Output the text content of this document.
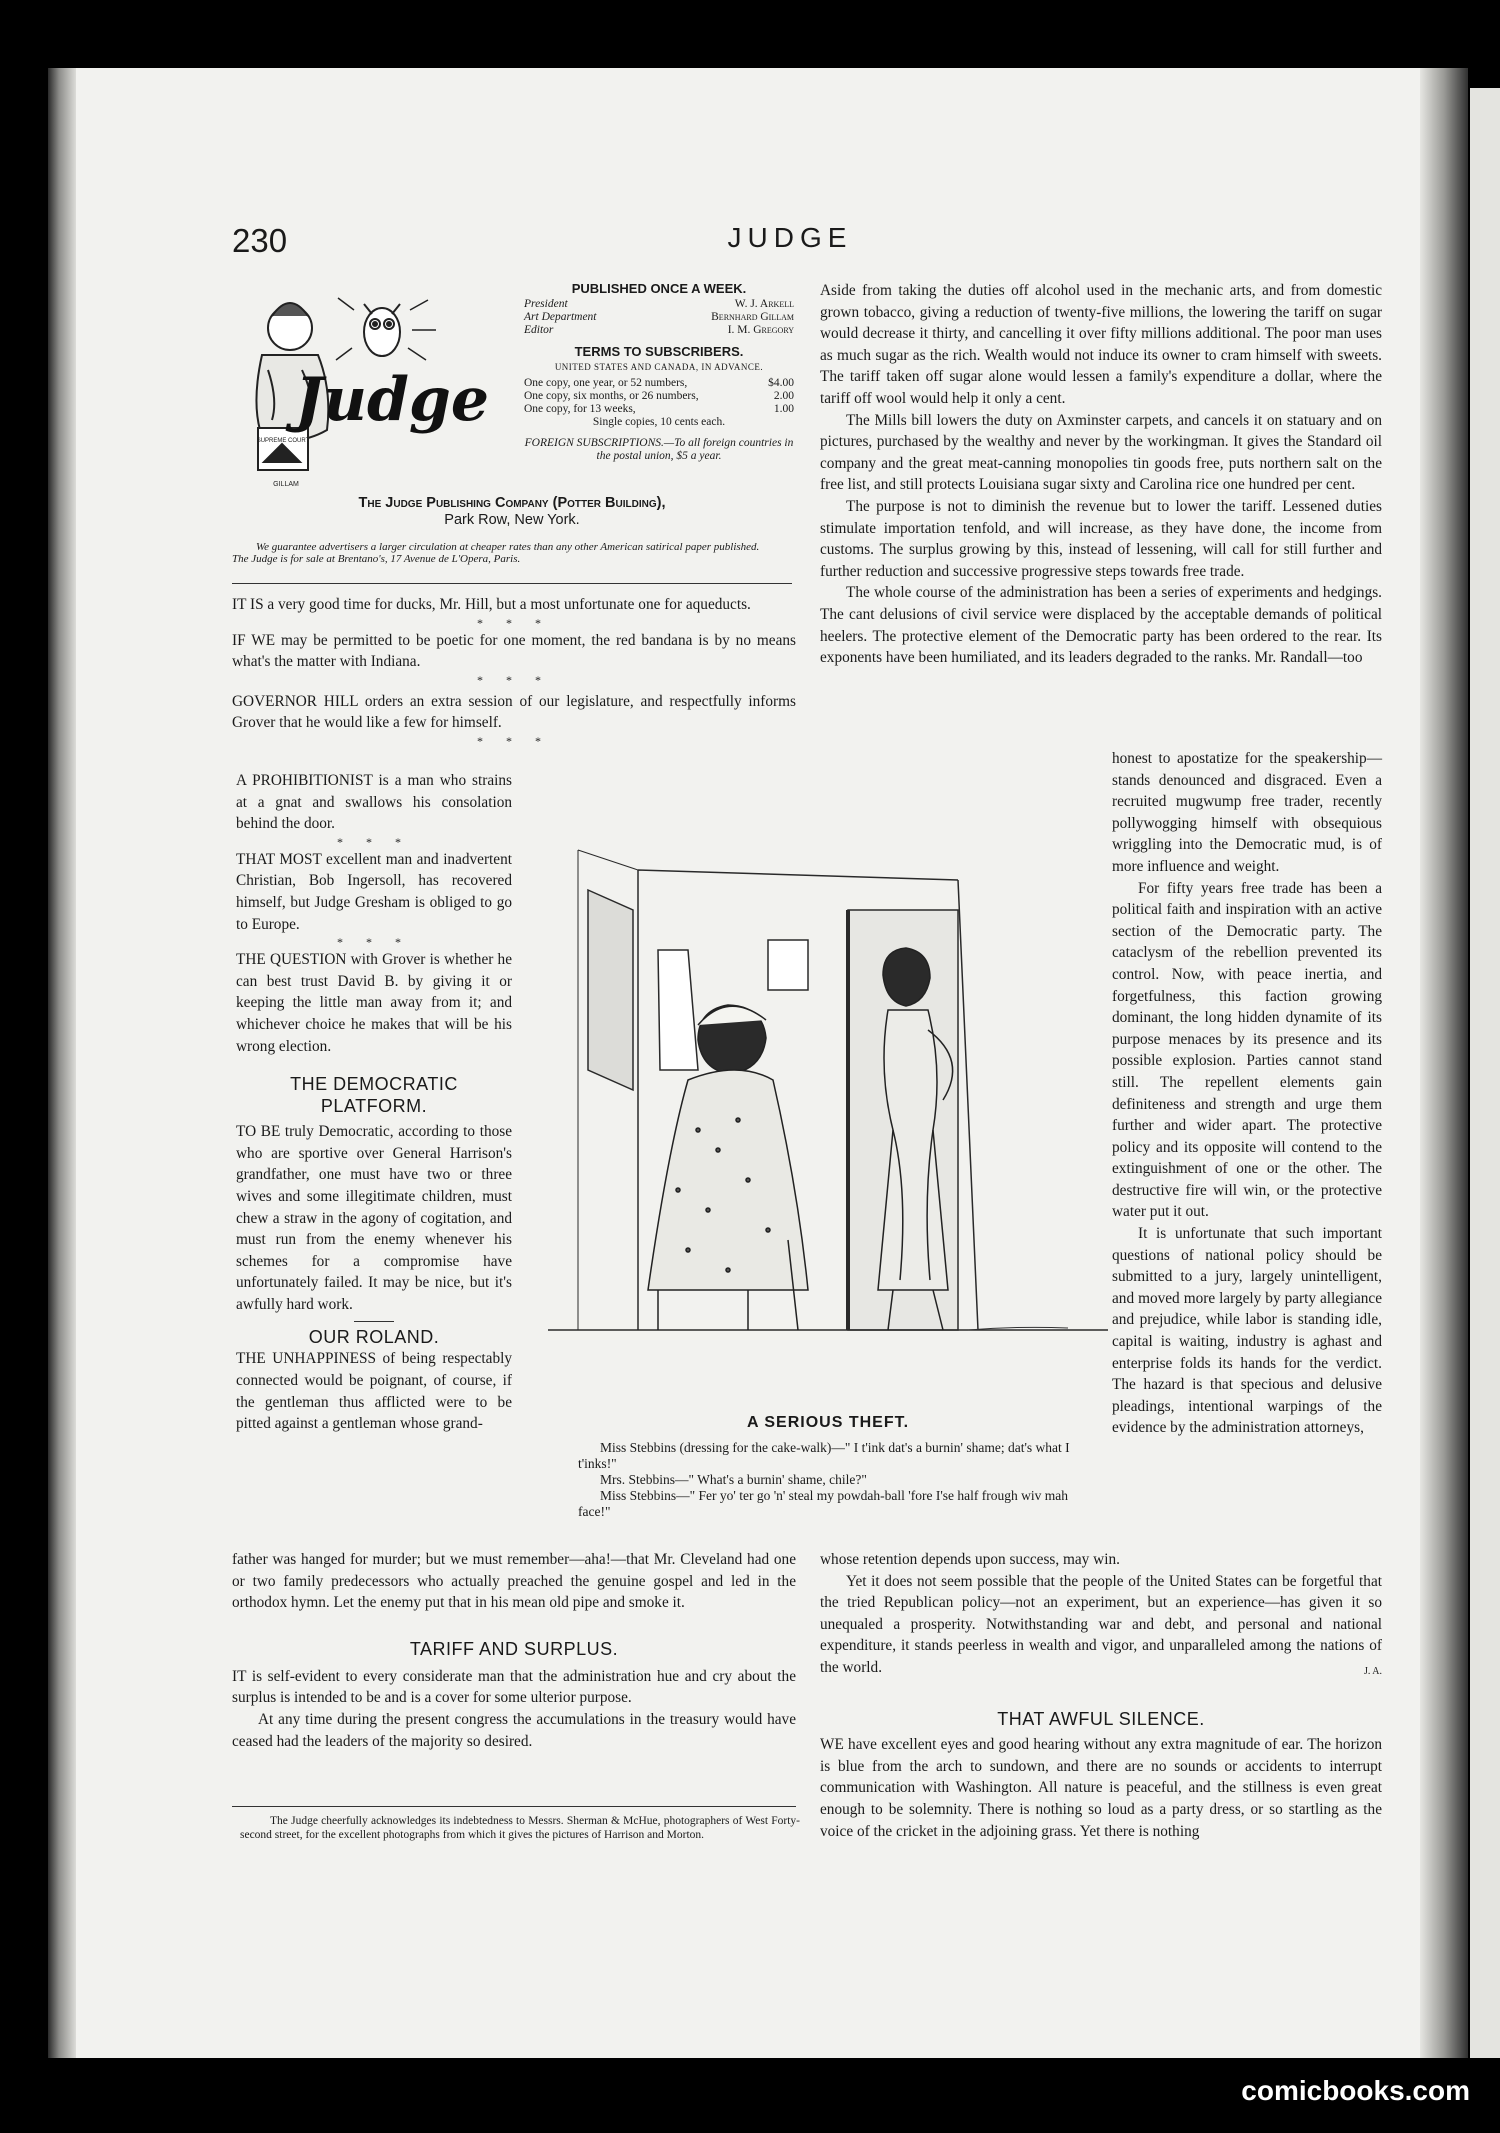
230	JUDGE
SUPREME COURT
Judge
GILLAM
PUBLISHED ONCE A WEEK.
President	W. J. Arkell
Art Department	Bernhard Gillam
Editor	I. M. Gregory
TERMS TO SUBSCRIBERS.
UNITED STATES AND CANADA, IN ADVANCE.
One copy, one year, or 52 numbers,	$4.00
One copy, six months, or 26 numbers,	2.00
One copy, for 13 weeks,	1.00
Single copies, 10 cents each.
FOREIGN SUBSCRIPTIONS.—To all foreign countries in the postal union, $5 a year.
The Judge Publishing Company (Potter Building),
Park Row, New York.
We guarantee advertisers a larger circulation at cheaper rates than any other American satirical paper published.
The Judge is for sale at Brentano's, 17 Avenue de L'Opera, Paris.

IT IS a very good time for ducks, Mr. Hill, but a most unfortunate one for aqueducts.

* * *

IF WE may be permitted to be poetic for one moment, the red bandana is by no means what's the matter with Indiana.

* * *

GOVERNOR HILL orders an extra session of our legislature, and respectfully informs Grover that he would like a few for himself.

* * *

A PROHIBITIONIST is a man who strains at a gnat and swallows his consolation behind the door.

* * *

THAT MOST excellent man and inadvertent Christian, Bob Ingersoll, has recovered himself, but Judge Gresham is obliged to go to Europe.

* * *

THE QUESTION with Grover is whether he can best trust David B. by giving it or keeping the little man away from it; and whichever choice he makes that will be his wrong election.

THE DEMOCRATIC PLATFORM.

TO BE truly Democratic, according to those who are sportive over General Harrison's grandfather, one must have two or three wives and some illegitimate children, must chew a straw in the agony of cogitation, and must run from the enemy whenever his schemes for a compromise have unfortunately failed. It may be nice, but it's awfully hard work.

OUR ROLAND.

THE UNHAPPINESS of being respectably connected would be poignant, of course, if the gentleman thus afflicted were to be pitted against a gentleman whose grand-	A SERIOUS THEFT.

Miss Stebbins (dressing for the cake-walk)—" I t'ink dat's a burnin' shame; dat's what I t'inks!"

Mrs. Stebbins—" What's a burnin' shame, chile?"

Miss Stebbins—" Fer yo' ter go 'n' steal my powdah-ball 'fore I'se half frough wiv mah face!"

father was hanged for murder; but we must remember—aha!—that Mr. Cleveland had one or two family predecessors who actually preached the genuine gospel and led in the orthodox hymn. Let the enemy put that in his mean old pipe and smoke it.

TARIFF AND SURPLUS.

IT is self-evident to every considerate man that the administration hue and cry about the surplus is intended to be and is a cover for some ulterior purpose.

At any time during the present congress the accumulations in the treasury would have ceased had the leaders of the majority so desired.

The Judge cheerfully acknowledges its indebtedness to Messrs. Sherman & McHue, photographers of West Forty-second street, for the excellent photographs from which it gives the pictures of Harrison and Morton.

Aside from taking the duties off alcohol used in the mechanic arts, and from domestic grown tobacco, giving a reduction of twenty-five millions, the lowering the tariff on sugar would decrease it thirty, and cancelling it over fifty millions additional. The poor man uses as much sugar as the rich. Wealth would not induce its owner to cram himself with sweets. The tariff taken off sugar alone would lessen a family's expenditure a dollar, where the tariff off wool would help it only a cent.

The Mills bill lowers the duty on Axminster carpets, and cancels it on statuary and on pictures, purchased by the wealthy and never by the workingman. It gives the Standard oil company and the great meat-canning monopolies tin goods free, puts northern salt on the free list, and still protects Louisiana sugar sixty and Carolina rice one hundred per cent.

The purpose is not to diminish the revenue but to lower the tariff. Lessened duties stimulate importation tenfold, and will increase, as they have done, the income from customs. The surplus growing by this, instead of lessening, will call for still further and further reduction and successive progressive steps towards free trade.

The whole course of the administration has been a series of experiments and hedgings. The cant delusions of civil service were displaced by the acceptable demands of political heelers. The protective element of the Democratic party has been ordered to the rear. Its exponents have been humiliated, and its leaders degraded to the ranks. Mr. Randall—too

honest to apostatize for the speakership—stands denounced and disgraced. Even a recruited mugwump free trader, recently pollywogging himself with obsequious wriggling into the Democratic mud, is of more influence and weight.

For fifty years free trade has been a political faith and inspiration with an active section of the Democratic party. The cataclysm of the rebellion prevented its control. Now, with peace inertia, and forgetfulness, this faction growing dominant, the long hidden dynamite of its purpose menaces by its presence and its possible explosion. Parties cannot stand still. The repellent elements gain definiteness and strength and urge them further and wider apart. The protective policy and its opposite will contend to the extinguishment of one or the other. The destructive fire will win, or the protective water put it out.

It is unfortunate that such important questions of national policy should be submitted to a jury, largely unintelligent, and moved more largely by party allegiance and prejudice, while labor is standing idle, capital is waiting, industry is aghast and enterprise folds its hands for the verdict. The hazard is that specious and delusive pleadings, intentional warpings of the evidence by the administration attorneys,

whose retention depends upon success, may win.

Yet it does not seem possible that the people of the United States can be forgetful that the tried Republican policy—not an experiment, but an experience—has given it so unequaled a prosperity. Notwithstanding war and debt, and personal and national expenditure, it stands peerless in wealth and vigor, and unparalleled among the nations of the world.	J. A.
THAT AWFUL SILENCE.

WE have excellent eyes and good hearing without any extra magnitude of ear. The horizon is blue from the arch to sundown, and there are no sounds or accidents to interrupt communication with Washington. All nature is peaceful, and the stillness is even great enough to be solemnity. There is nothing so loud as a party dress, or so startling as the voice of the cricket in the adjoining grass. Yet there is nothing

comicbooks.com
